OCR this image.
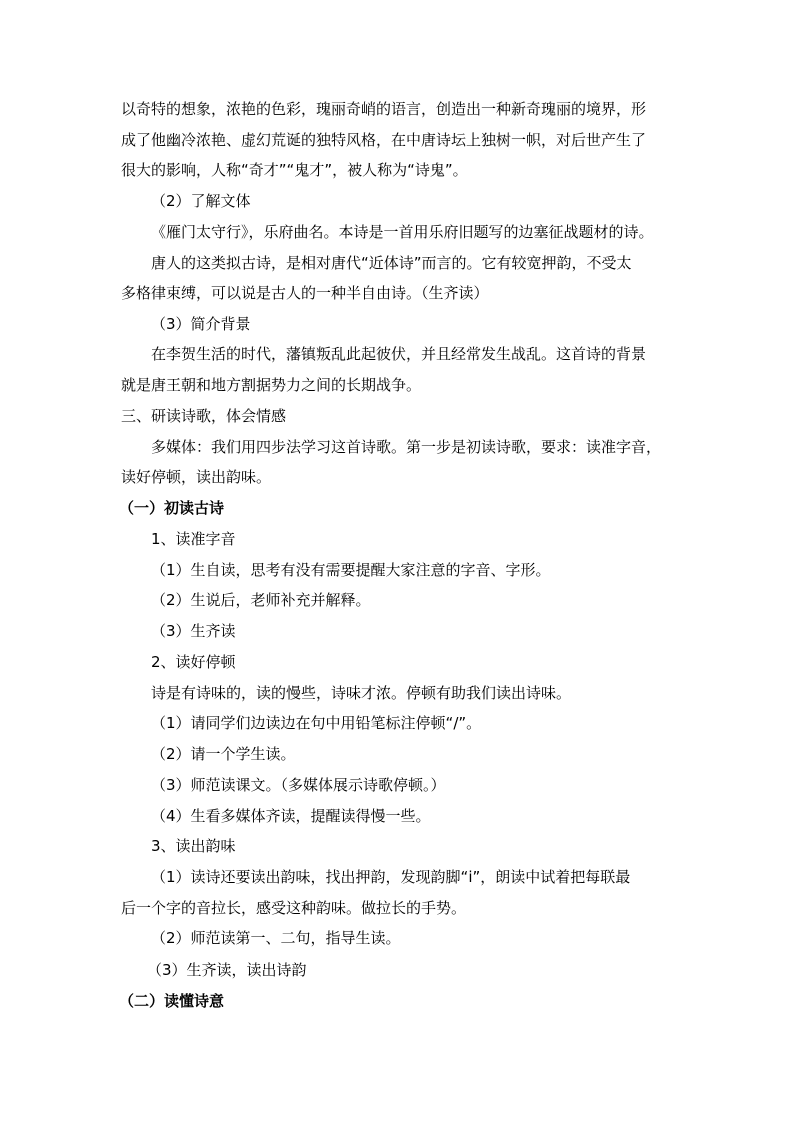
以奇特的想象，浓艳的色彩，瑰丽奇峭的语言，创造出一种新奇瑰丽的境界，形
成了他幽冷浓艳、虚幻荒诞的独特风格，在中唐诗坛上独树一帜，对后世产生了
很大的影响，人称“奇才”“鬼才”，被人称为“诗鬼”。
（2）了解文体
《雁门太守行》，乐府曲名。本诗是一首用乐府旧题写的边塞征战题材的诗。
唐人的这类拟古诗，是相对唐代“近体诗”而言的。它有较宽押韵，不受太
多格律束缚，可以说是古人的一种半自由诗。（生齐读）
（3）简介背景
在李贺生活的时代，藩镇叛乱此起彼伏，并且经常发生战乱。这首诗的背景
就是唐王朝和地方割据势力之间的长期战争。
三、研读诗歌，体会情感
多媒体：我们用四步法学习这首诗歌。第一步是初读诗歌，要求：读准字音，
读好停顿，读出韵味。
（一）初读古诗
1、读准字音
（1）生自读，思考有没有需要提醒大家注意的字音、字形。
（2）生说后，老师补充并解释。
（3）生齐读
2、读好停顿
诗是有诗味的，读的慢些，诗味才浓。停顿有助我们读出诗味。
（1）请同学们边读边在句中用铅笔标注停顿“/”。
（2）请一个学生读。
（3）师范读课文。（多媒体展示诗歌停顿。）
（4）生看多媒体齐读，提醒读得慢一些。
3、读出韵味
（1）读诗还要读出韵味，找出押韵，发现韵脚“i”，朗读中试着把每联最
后一个字的音拉长，感受这种韵味。做拉长的手势。
（2）师范读第一、二句，指导生读。
（3）生齐读，读出诗韵
（二）读懂诗意
